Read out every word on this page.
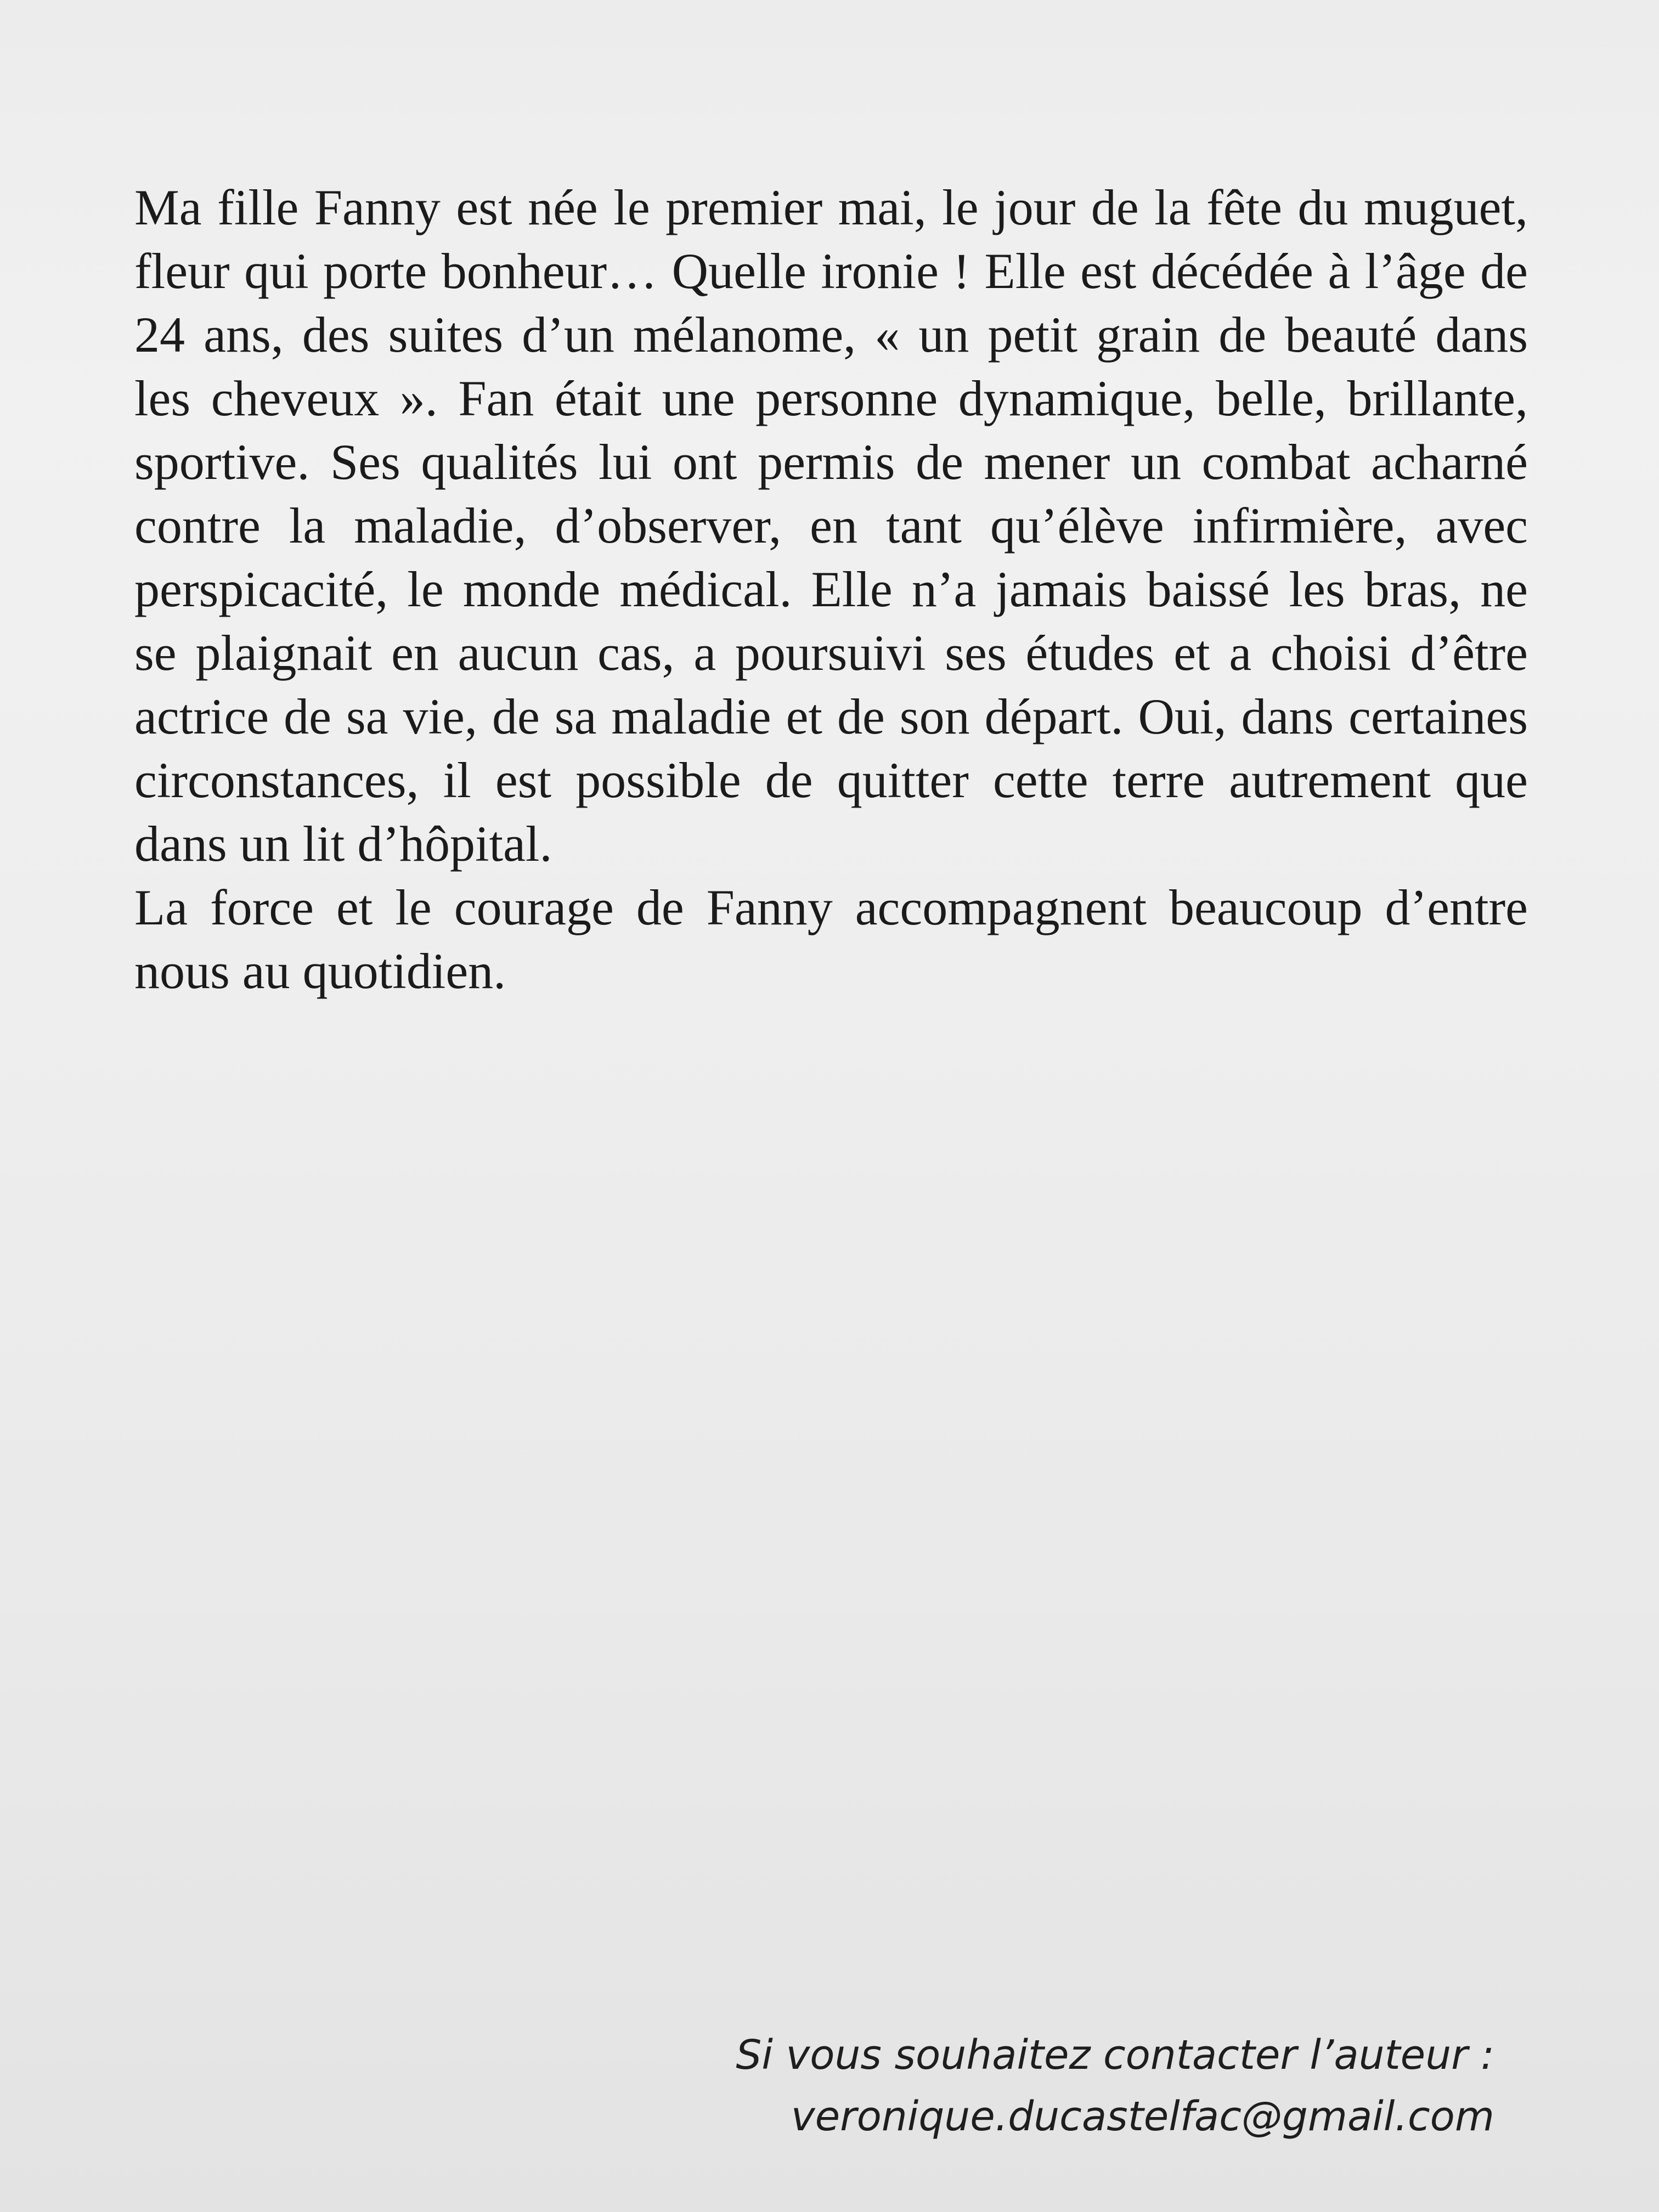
Ma fille Fanny est née le premier mai, le jour de la fête du muguet,
fleur qui porte bonheur… Quelle ironie ! Elle est décédée à l’âge de
24 ans, des suites d’un mélanome, « un petit grain de beauté dans
les cheveux ». Fan était une personne dynamique, belle, brillante,
sportive. Ses qualités lui ont permis de mener un combat acharné
contre la maladie, d’observer, en tant qu’élève infirmière, avec
perspicacité, le monde médical. Elle n’a jamais baissé les bras, ne
se plaignait en aucun cas, a poursuivi ses études et a choisi d’être
actrice de sa vie, de sa maladie et de son départ. Oui, dans certaines
circonstances, il est possible de quitter cette terre autrement que
dans un lit d’hôpital.
La force et le courage de Fanny accompagnent beaucoup d’entre
nous au quotidien.
Si vous souhaitez contacter l’auteur :
veronique.ducastelfac@gmail.com
